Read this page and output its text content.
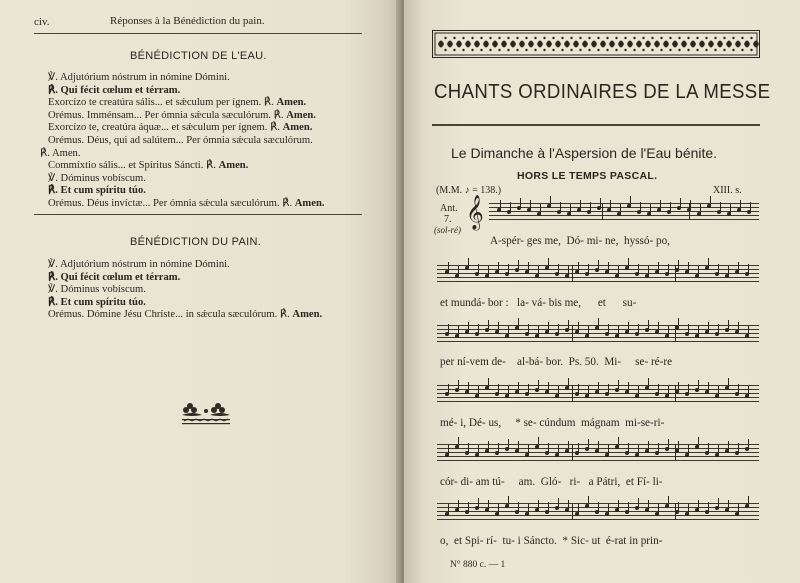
civ.	Réponses à la Bénédiction du pain.
BÉNÉDICTION DE L'EAU.
℣. Adjutórium nóstrum in nómine Dómini.
℟. Qui fécit cœlum et térram.
Exorcízo te creatúra sális... et sǽculum per ígnem. ℟. Amen.
Orémus. Imménsam... Per ómnia sǽcula sæculórum. ℟. Amen.
Exorcízo te, creatúra áquæ... et sǽculum per ígnem. ℟. Amen.
Orémus. Déus, qui ad salútem... Per ómnia sǽcula sæculórum.
℟. Amen.
Commíxtio sális... et Spíritus Sáncti. ℟. Amen.
℣. Dóminus vobíscum.
℟. Et cum spíritu túo.
Orémus. Déus invíctæ... Per ómnia sǽcula sæculórum. ℟. Amen.
BÉNÉDICTION DU PAIN.
℣. Adjutórium nóstrum in nómine Dómini.
℟. Qui fécit cœlum et térram.
℣. Dóminus vobíscum.
℟. Et cum spíritu túo.
Orémus. Dómine Jésu Chríste... in sǽcula sæculórum. ℟. Amen.
CHANTS ORDINAIRES DE LA MESSE
Le Dimanche à l'Aspersion de l'Eau bénite.
HORS LE TEMPS PASCAL.
(M.M. ♪ = 138.)	XIII. s.
Ant.
7.
(sol-ré)
𝄞
A-spér- ges me,  Dó- mi- ne,  hyssó- po,
et mundá- bor :   la- vá- bis me,      et      su-
per ní-vem de-    al-bá- bor.  Ps. 50.  Mi-     se- ré-re
mé- i, Dé- us,     * se- cúndum  mágnam  mi-se-ri-
cór- di- am tú-     am.  Gló-   ri-   a Pátri,  et Fí- li-
o,  et Spi- rí-  tu- i Sáncto.  * Sic- ut  é-rat in prin-
N° 880 c. — 1
